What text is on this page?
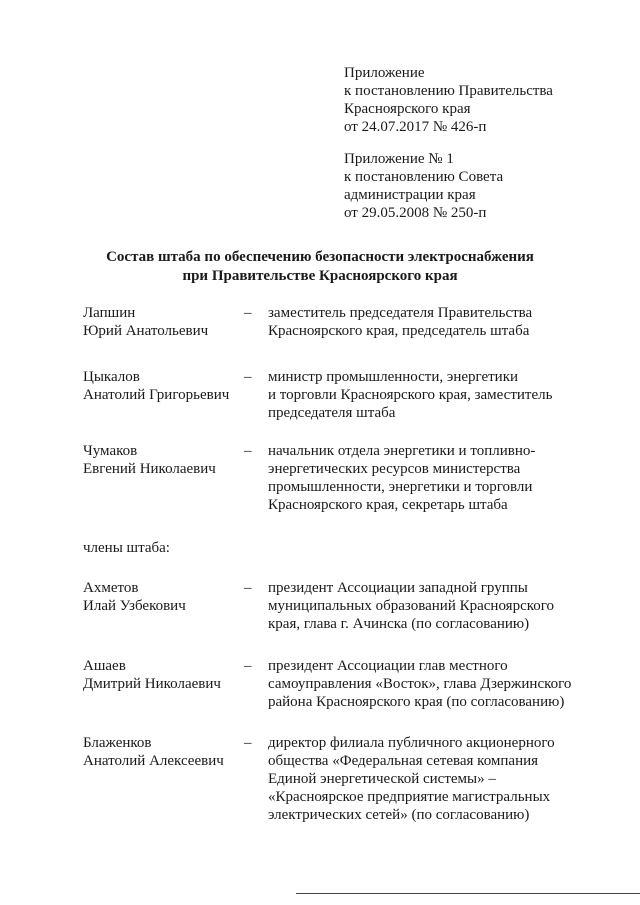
Приложение
к постановлению Правительства
Красноярского края
от 24.07.2017 № 426-п
Приложение № 1
к постановлению Совета
администрации края
от 29.05.2008 № 250-п
Состав штаба по обеспечению безопасности электроснабжения
при Правительстве Красноярского края
Лапшин
Юрий Анатольевич
– заместитель председателя Правительства
Красноярского края, председатель штаба
Цыкалов
Анатолий Григорьевич
– министр промышленности, энергетики
и торговли Красноярского края, заместитель
председателя штаба
Чумаков
Евгений Николаевич
– начальник отдела энергетики и топливно-
энергетических ресурсов министерства
промышленности, энергетики и торговли
Красноярского края, секретарь штаба
члены штаба:
Ахметов
Илай Узбекович
– президент Ассоциации западной группы
муниципальных образований Красноярского
края, глава г. Ачинска (по согласованию)
Ашаев
Дмитрий Николаевич
– президент Ассоциации глав местного
самоуправления «Восток», глава Дзержинского
района Красноярского края (по согласованию)
Блаженков
Анатолий Алексеевич
– директор филиала публичного акционерного
общества «Федеральная сетевая компания
Единой энергетической системы» –
«Красноярское предприятие магистральных
электрических сетей» (по согласованию)
